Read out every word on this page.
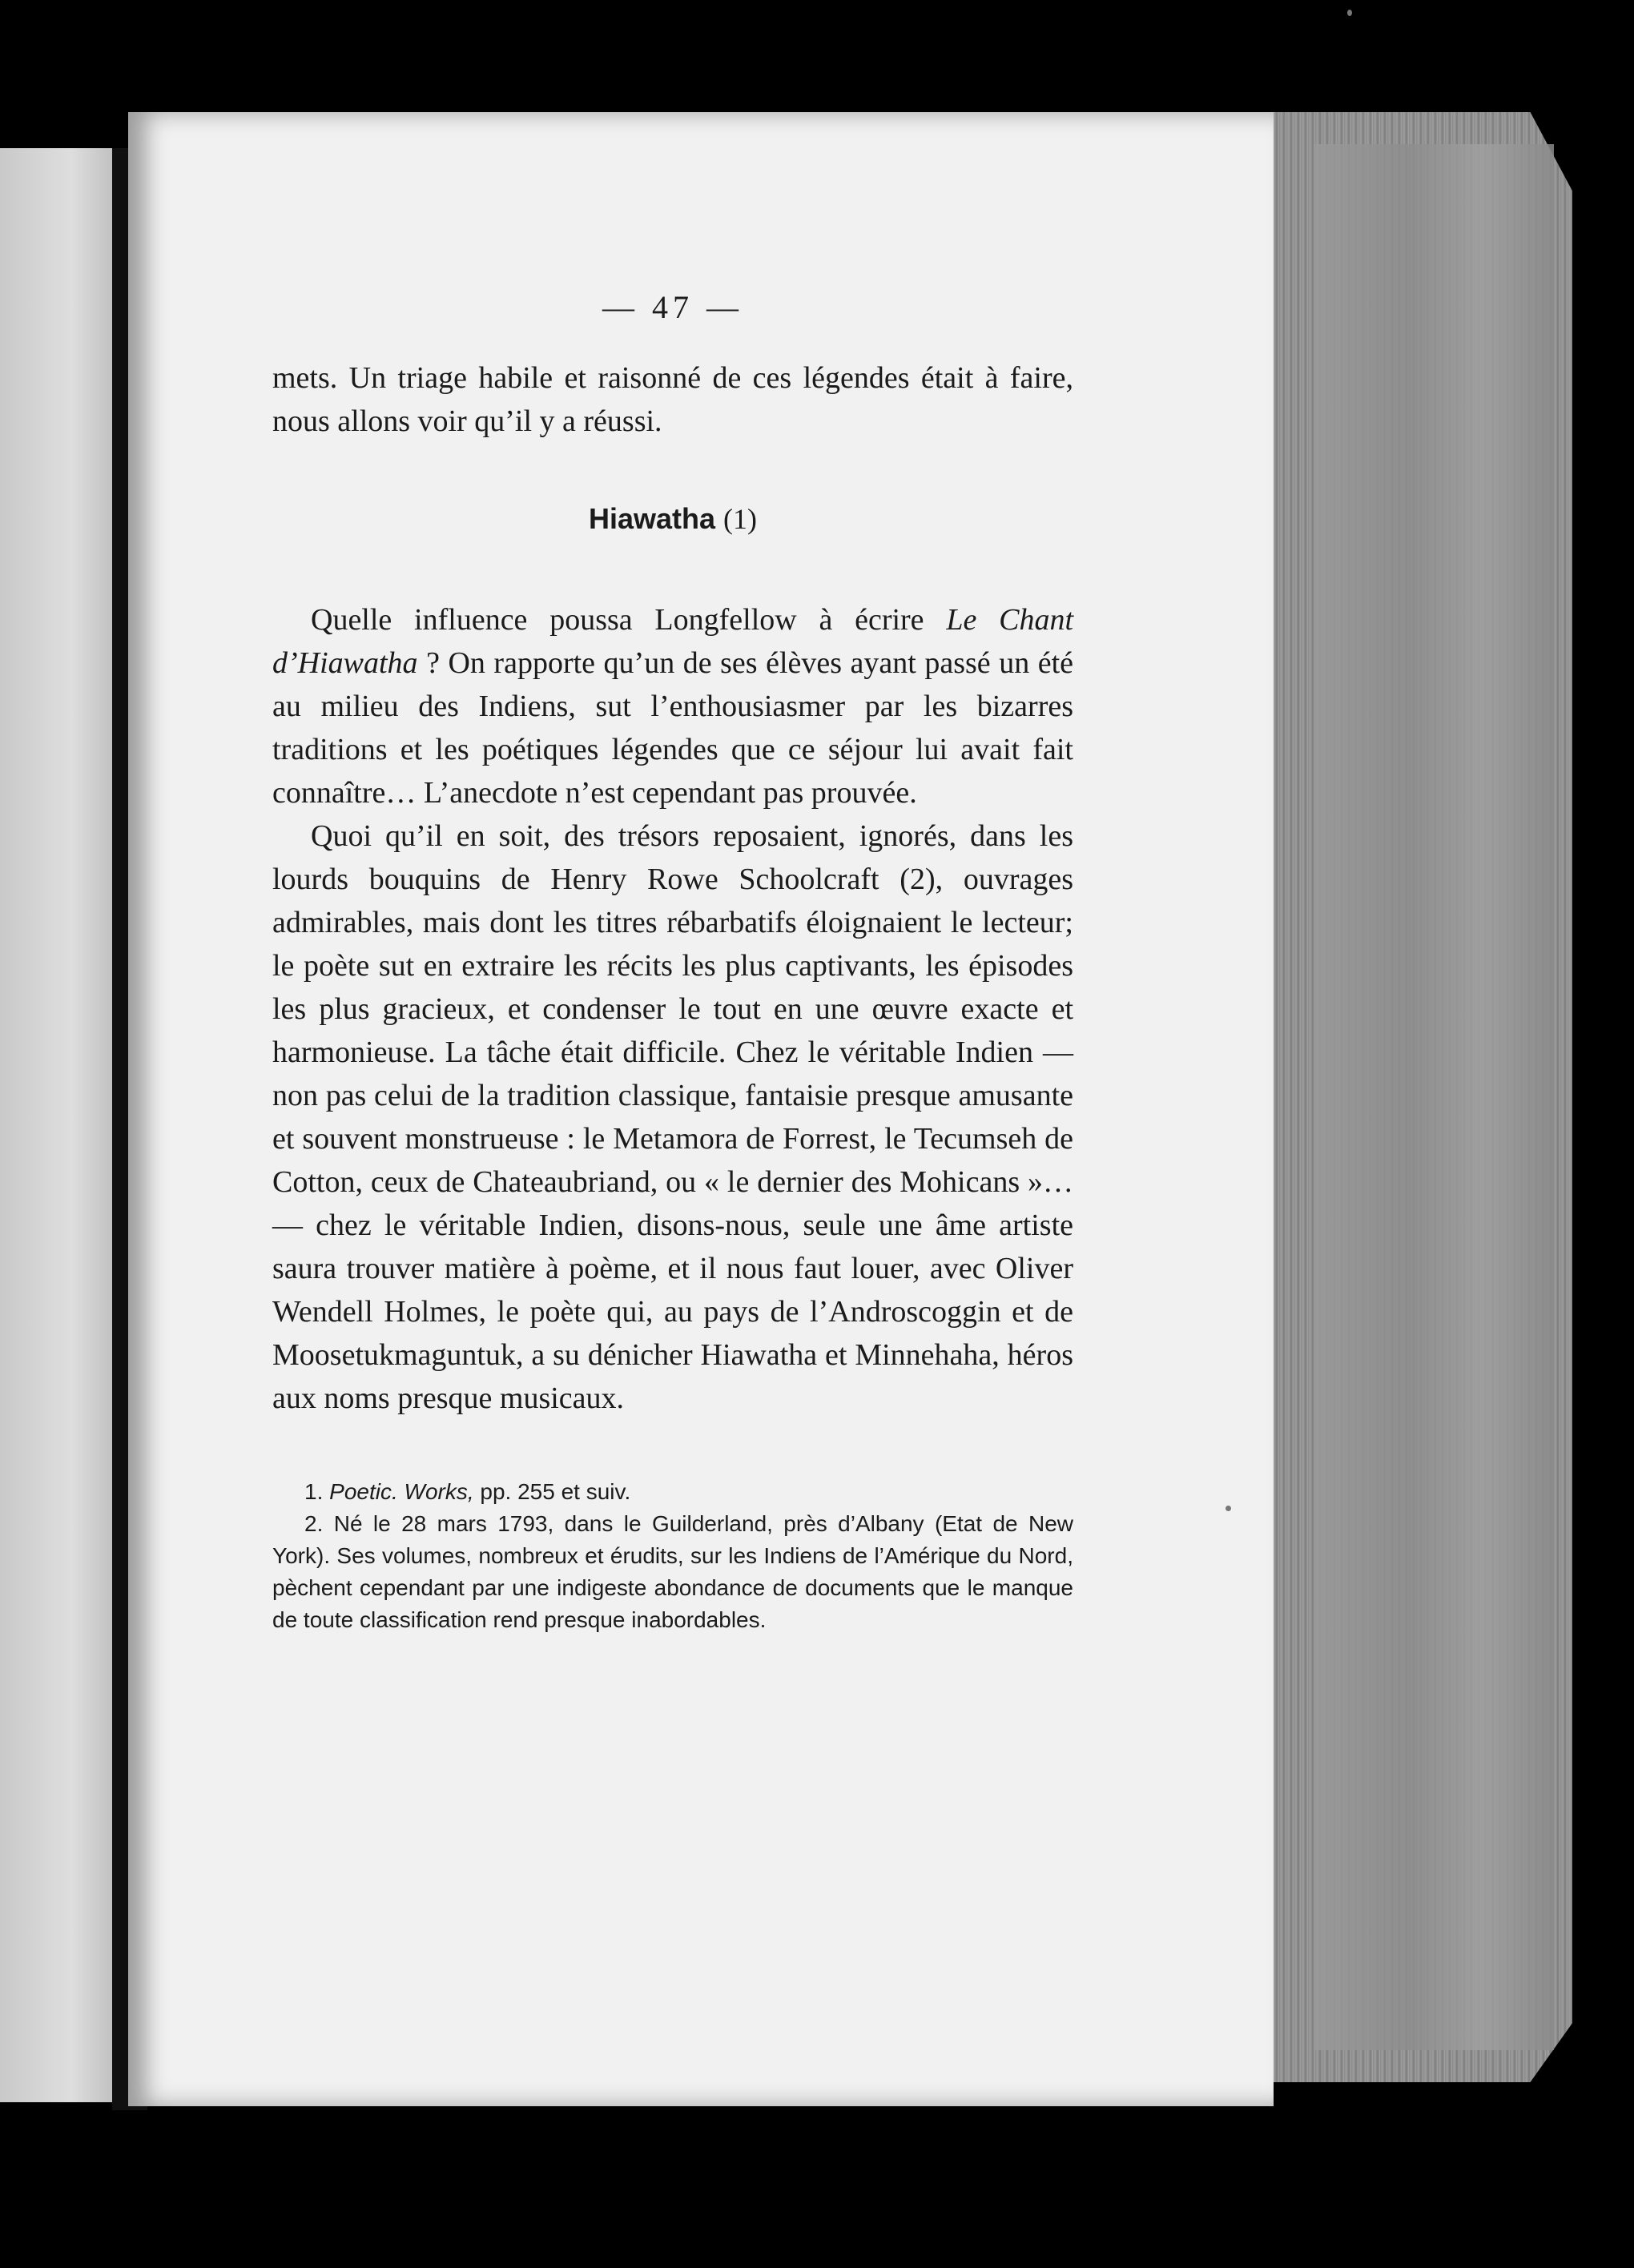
— 47 —

mets. Un triage habile et raisonné de ces légendes était à faire, nous allons voir qu’il y a réussi.

Hiawatha (1)

Quelle influence poussa Longfellow à écrire Le Chant d’Hiawatha ? On rapporte qu’un de ses élèves ayant passé un été au milieu des Indiens, sut l’enthousiasmer par les bizarres traditions et les poétiques légendes que ce séjour lui avait fait connaître… L’anecdote n’est cependant pas prouvée.

Quoi qu’il en soit, des trésors reposaient, ignorés, dans les lourds bouquins de Henry Rowe Schoolcraft (2), ouvrages admirables, mais dont les titres rébarbatifs éloignaient le lecteur; le poète sut en extraire les récits les plus captivants, les épisodes les plus gracieux, et condenser le tout en une œuvre exacte et harmonieuse. La tâche était difficile. Chez le véritable Indien — non pas celui de la tradition classique, fantaisie presque amusante et souvent monstrueuse : le Metamora de Forrest, le Tecumseh de Cotton, ceux de Chateaubriand, ou « le dernier des Mohicans »… — chez le véritable Indien, disons-nous, seule une âme artiste saura trouver matière à poème, et il nous faut louer, avec Oliver Wendell Holmes, le poète qui, au pays de l’Androscoggin et de Moosetukmaguntuk, a su dénicher Hiawatha et Minnehaha, héros aux noms presque musicaux.

1. Poetic. Works, pp. 255 et suiv.

2. Né le 28 mars 1793, dans le Guilderland, près d’Albany (Etat de New York). Ses volumes, nombreux et érudits, sur les Indiens de l’Amérique du Nord, pèchent cependant par une indigeste abondance de documents que le manque de toute classification rend presque inabordables.
